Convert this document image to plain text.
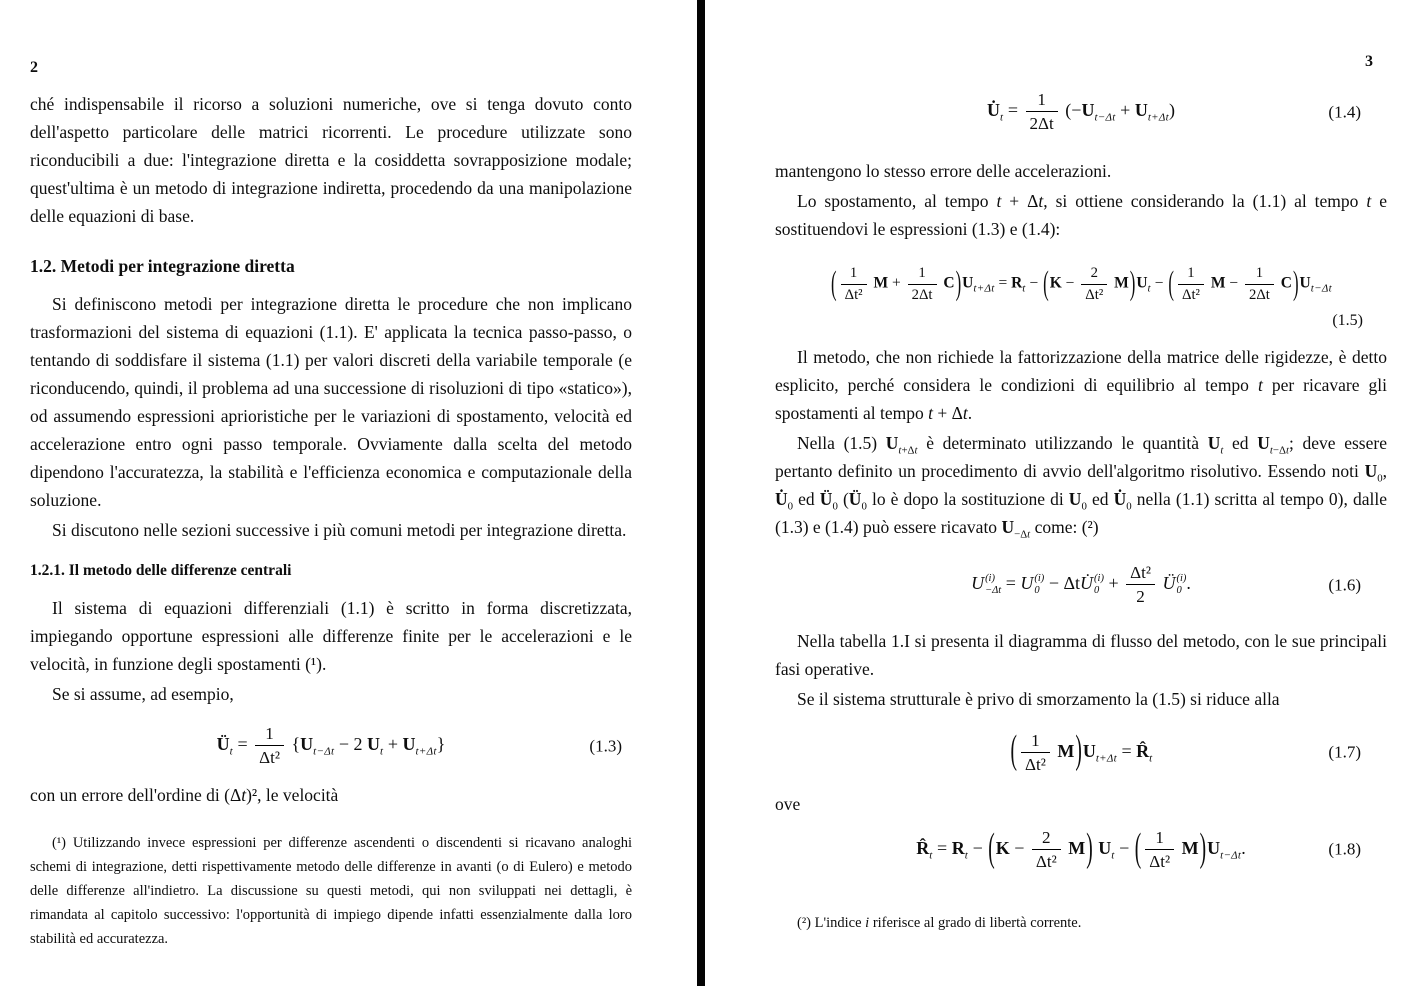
2

ché indispensabile il ricorso a soluzioni numeriche, ove si tenga dovuto conto dell'aspetto particolare delle matrici ricorrenti. Le procedure utilizzate sono riconducibili a due: l'integrazione diretta e la cosiddetta sovrapposizione modale; quest'ultima è un metodo di integrazione indiretta, procedendo da una manipolazione delle equazioni di base.

1.2. Metodi per integrazione diretta

Si definiscono metodi per integrazione diretta le procedure che non implicano trasformazioni del sistema di equazioni (1.1). E' applicata la tecnica passo-passo, o tentando di soddisfare il sistema (1.1) per valori discreti della variabile temporale (e riconducendo, quindi, il problema ad una successione di risoluzioni di tipo «statico»), od assumendo espressioni aprioristiche per le variazioni di spostamento, velocità ed accelerazione entro ogni passo temporale. Ovviamente dalla scelta del metodo dipendono l'accuratezza, la stabilità e l'efficienza economica e computazionale della soluzione.

Si discutono nelle sezioni successive i più comuni metodi per integrazione diretta.

1.2.1. Il metodo delle differenze centrali

Il sistema di equazioni differenziali (1.1) è scritto in forma discretizzata, impiegando opportune espressioni alle differenze finite per le accelerazioni e le velocità, in funzione degli spostamenti (¹).

Se si assume, ad esempio,

$Ü_t = \frac{1}{\text{Δt²}} \{U_{t-\Delta t} - 2$ $U_t + U_{t+\Delta t}$}	(1.3)

con un errore dell'ordine di (Δt)², le velocità

(¹) Utilizzando invece espressioni per differenze ascendenti o discendenti si ricavano analoghi schemi di integrazione, detti rispettivamente metodo delle differenze in avanti (o di Eulero) e metodo delle differenze all'indietro. La discussione su questi metodi, qui non sviluppati nei dettagli, è rimandata al capitolo successivo: l'opportunità di impiego dipende infatti essenzialmente dalla loro stabilità ed accuratezza.

3
$U̇_t = \frac{1}{2\Delta t} (-U_{t-\Delta t} + U_{t+\Delta t})$	(1.4)

mantengono lo stesso errore delle accelerazioni.

Lo spostamento, al tempo t + Δt, si ottiene considerando la (1.1) al tempo t e sostituendovi le espressioni (1.3) e (1.4):

( $\frac{1}{\text{Δt²}}$ $M + \frac{1}{2\Delta t} C)U_{t+\Delta t} = R_t - (K - \frac{2}{\text{Δt²}} M)U_t$ − ( $\frac{1}{\text{Δt²}}$ $M - \frac{1}{2\Delta t} C)U_{t-\Delta t}$
(1.5)

Il metodo, che non richiede la fattorizzazione della matrice delle rigidezze, è detto esplicito, perché considera le condizioni di equilibrio al tempo t per ricavare gli spostamenti al tempo t + Δt.

Nella (1.5) $U_{t+\Delta t}$ è determinato utilizzando le quantità $U_t$ ed $U_{t-\Delta t}$; deve essere pertanto definito un procedimento di avvio dell'algoritmo risolutivo. Essendo noti $U_0$, $U̇_0$ ed $Ü_0$ ($Ü_0$ lo è dopo la sostituzione di $U_0$ ed $U̇_0$ nella (1.1) scritta al tempo 0), dalle (1.3) e (1.4) può essere ricavato $U_{-\Delta t}$ come: (²)

U (i)
−Δt = U (i)
0 − ΔtU̇ (i)
$0 + \frac{\text{Δt²}}{2}$ Ü (i)
0 .	(1.6)

Nella tabella 1.I si presenta il diagramma di flusso del metodo, con le sue principali fasi operative.

Se il sistema strutturale è privo di smorzamento la (1.5) si riduce alla

( $\frac{1}{\text{Δt²}} M)U_{t+\Delta t}$ = $R̂_t$	(1.7)

ove

$R̂_t = R_t - (K - \frac{2}{\text{Δt²}} M) U_t$ − ( $\frac{1}{\text{Δt²}} M)U_{t-\Delta t}$.	(1.8)

(²) L'indice i riferisce al grado di libertà corrente.
